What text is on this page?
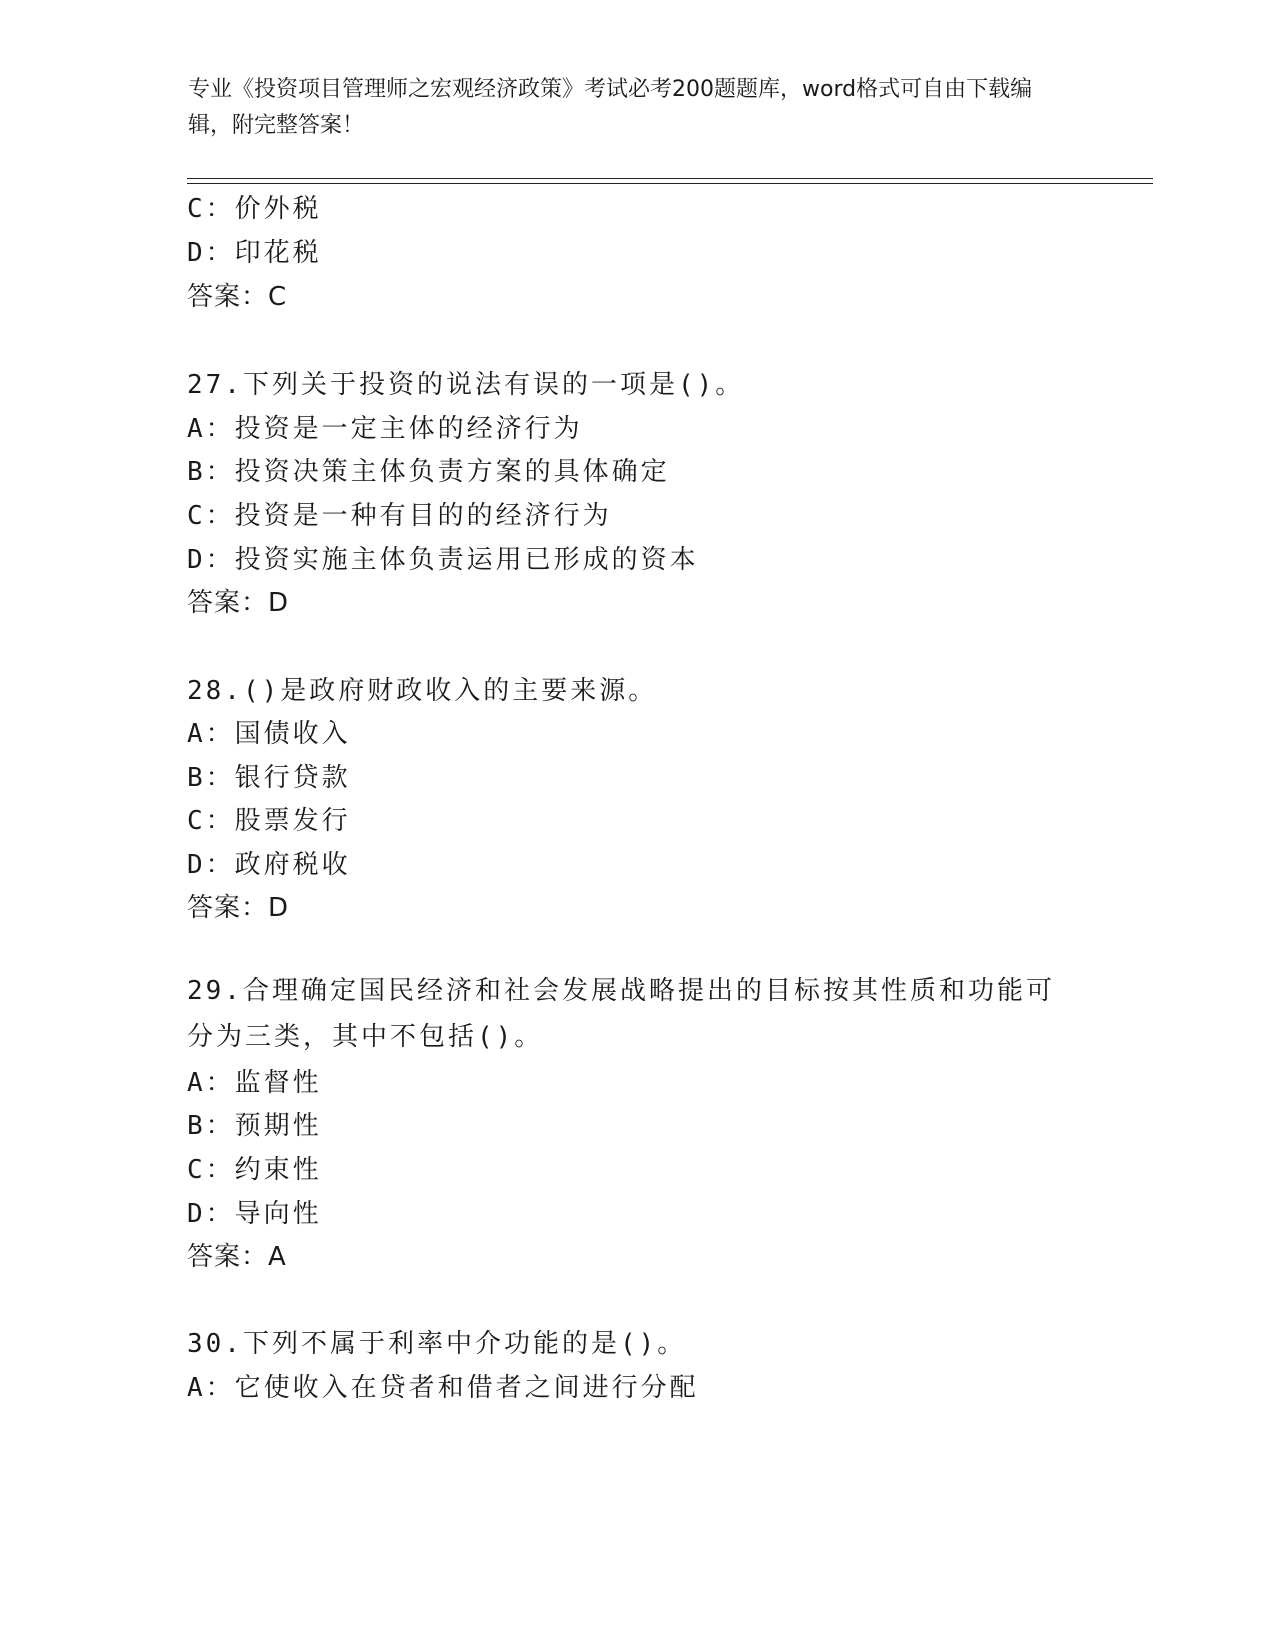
专业《投资项目管理师之宏观经济政策》考试必考200题题库，word格式可自由下载编辑，附完整答案！
C：价外税
D：印花税
答案：C
27.下列关于投资的说法有误的一项是()。
A：投资是一定主体的经济行为
B：投资决策主体负责方案的具体确定
C：投资是一种有目的的经济行为
D：投资实施主体负责运用已形成的资本
答案：D
28.()是政府财政收入的主要来源。
A：国债收入
B：银行贷款
C：股票发行
D：政府税收
答案：D
29.合理确定国民经济和社会发展战略提出的目标按其性质和功能可分为三类，其中不包括()。
A：监督性
B：预期性
C：约束性
D：导向性
答案：A
30.下列不属于利率中介功能的是()。
A：它使收入在贷者和借者之间进行分配
